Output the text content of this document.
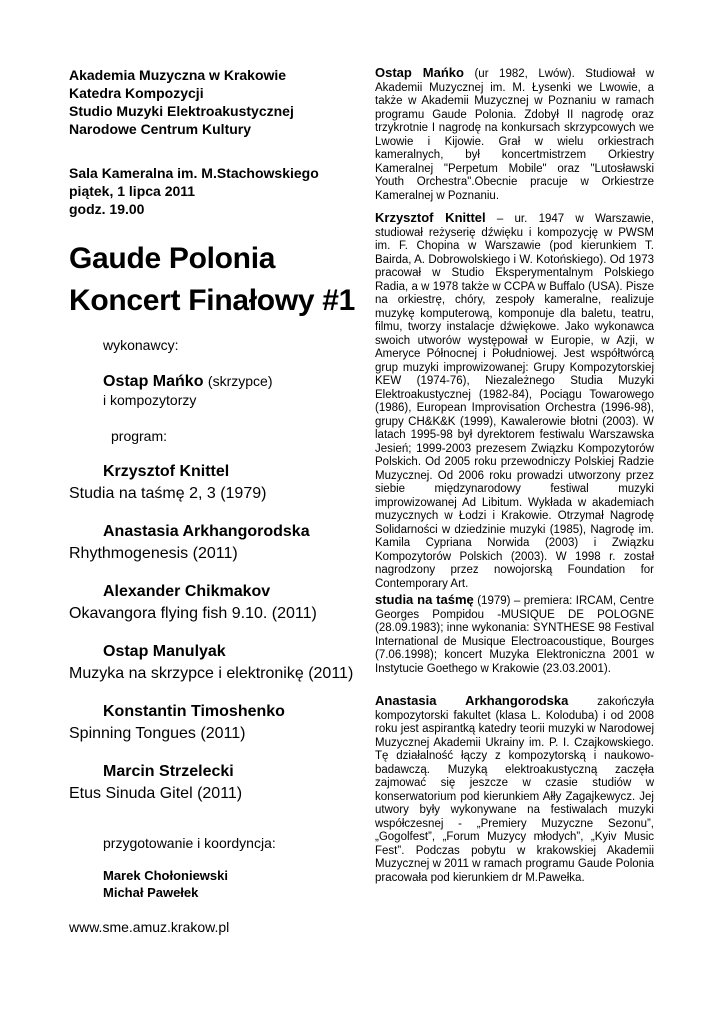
Akademia Muzyczna w Krakowie
Katedra Kompozycji
Studio Muzyki Elektroakustycznej
Narodowe Centrum Kultury
Sala Kameralna im. M.Stachowskiego
piątek, 1 lipca 2011
godz. 19.00
Gaude Polonia
Koncert Finałowy #1
wykonawcy:
Ostap Mańko (skrzypce)
i kompozytorzy
program:
Krzysztof Knittel
Studia na taśmę 2, 3 (1979)
Anastasia Arkhangorodska
Rhythmogenesis (2011)
Alexander Chikmakov
Okavangora flying fish 9.10. (2011)
Ostap Manulyak
Muzyka na skrzypce i elektronikę (2011)
Konstantin Timoshenko
Spinning Tongues (2011)
Marcin Strzelecki
Etus Sinuda Gitel (2011)
przygotowanie i koordyncja:
Marek Chołoniewski
Michał Pawełek
www.sme.amuz.krakow.pl
Ostap Mańko (ur 1982, Lwów). Studiował w Akademii Muzycznej im. M. Łysenki we Lwowie, a także w Akademii Muzycznej w Poznaniu w ramach programu Gaude Polonia. Zdobył II nagrodę oraz trzykrotnie I nagrodę na konkursach skrzypcowych we Lwowie i Kijowie. Grał w wielu orkiestrach kameralnych, był koncertmistrzem Orkiestry Kameralnej "Perpetum Mobile" oraz "Lutosławski Youth Orchestra".Obecnie pracuje w Orkiestrze Kameralnej w Poznaniu.
Krzysztof Knittel – ur. 1947 w Warszawie, studiował reżyserię dźwięku i kompozycję w PWSM im. F. Chopina w Warszawie (pod kierunkiem T. Bairda, A. Dobrowolskiego i W. Kotońskiego). Od 1973 pracował w Studio Eksperymentalnym Polskiego Radia, a w 1978 także w CCPA w Buffalo (USA). Pisze na orkiestrę, chóry, zespoły kameralne, realizuje muzykę komputerową, komponuje dla baletu, teatru, filmu, tworzy instalacje dźwiękowe. Jako wykonawca swoich utworów występował w Europie, w Azji, w Ameryce Północnej i Południowej. Jest współtwórcą grup muzyki improwizowanej: Grupy Kompozytorskiej KEW (1974-76), Niezależnego Studia Muzyki Elektroakustycznej (1982-84), Pociągu Towarowego (1986), European Improvisation Orchestra (1996-98), grupy CH&K&K (1999), Kawalerowie błotni (2003). W latach 1995-98 był dyrektorem festiwalu Warszawska Jesień; 1999-2003 prezesem Związku Kompozytorów Polskich. Od 2005 roku przewodniczy Polskiej Radzie Muzycznej. Od 2006 roku prowadzi utworzony przez siebie międzynarodowy festiwal muzyki improwizowanej Ad Libitum. Wykłada w akademiach muzycznych w Łodzi i Krakowie. Otrzymał Nagrodę Solidarności w dziedzinie muzyki (1985), Nagrodę im. Kamila Cypriana Norwida (2003) i Związku Kompozytorów Polskich (2003). W 1998 r. został nagrodzony przez nowojorską Foundation for Contemporary Art.
studia na taśmę (1979) – premiera: IRCAM, Centre Georges Pompidou -MUSIQUE DE POLOGNE (28.09.1983); inne wykonania: SYNTHESE 98 Festival International de Musique Electroacoustique, Bourges (7.06.1998); koncert Muzyka Elektroniczna 2001 w Instytucie Goethego w Krakowie (23.03.2001).
Anastasia Arkhangorodska zakończyła kompozytorski fakultet (klasa L. Koloduba) i od 2008 roku jest aspirantką katedry teorii muzyki w Narodowej Muzycznej Akademii Ukrainy im. P. I. Czajkowskiego. Tę działalność łączy z kompozytorską i naukowo-badawczą. Muzyką elektroakustyczną zaczęła zajmować się jeszcze w czasie studiów w konserwatorium pod kierunkiem Ałły Zagajkewycz. Jej utwory były wykonywane na festiwalach muzyki współczesnej - „Premiery Muzyczne Sezonu”, „Gogolfest”, „Forum Muzycy młodych”, „Kyiv Music Fest”. Podczas pobytu w krakowskiej Akademii Muzycznej w 2011 w ramach programu Gaude Polonia pracowała pod kierunkiem dr M.Pawełka.
